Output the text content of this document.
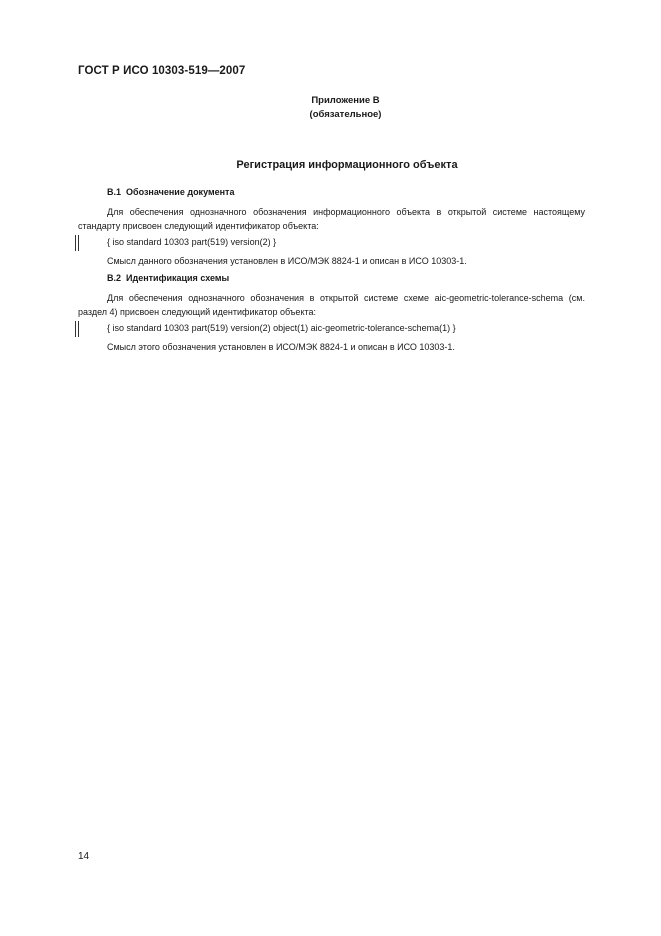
ГОСТ Р ИСО 10303-519—2007
Приложение В
(обязательное)
Регистрация информационного объекта
В.1 Обозначение документа
Для обеспечения однозначного обозначения информационного объекта в открытой системе настоящему стандарту присвоен следующий идентификатор объекта:
{ iso standard 10303 part(519) version(2) }
Смысл данного обозначения установлен в ИСО/МЭК 8824-1 и описан в ИСО 10303-1.
В.2 Идентификация схемы
Для обеспечения однозначного обозначения в открытой системе схеме aic-geometric-tolerance-schema (см. раздел 4) присвоен следующий идентификатор объекта:
{ iso standard 10303 part(519) version(2) object(1) aic-geometric-tolerance-schema(1) }
Смысл этого обозначения установлен в ИСО/МЭК 8824-1 и описан в ИСО 10303-1.
14
